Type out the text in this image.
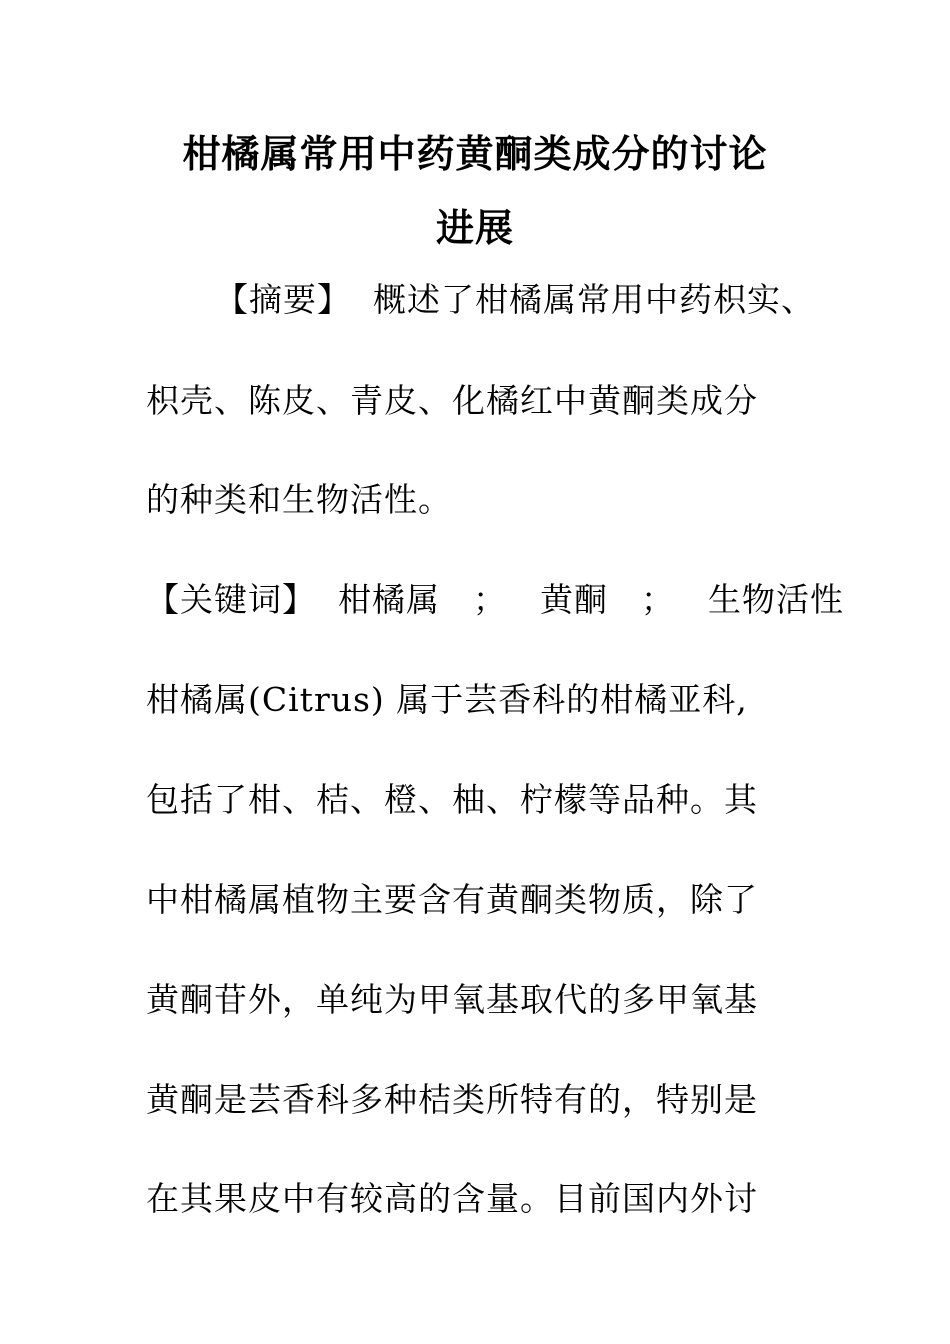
柑橘属常用中药黄酮类成分的讨论
进展
【摘要】 概述了柑橘属常用中药枳实、
枳壳、陈皮、青皮、化橘红中黄酮类成分
的种类和生物活性。
【关键词】 柑橘属 ； 黄酮 ； 生物活性
柑橘属(Citrus) 属于芸香科的柑橘亚科,
包括了柑、桔、橙、柚、柠檬等品种。其
中柑橘属植物主要含有黄酮类物质，除了
黄酮苷外，单纯为甲氧基取代的多甲氧基
黄酮是芸香科多种桔类所特有的，特别是
在其果皮中有较高的含量。目前国内外讨
